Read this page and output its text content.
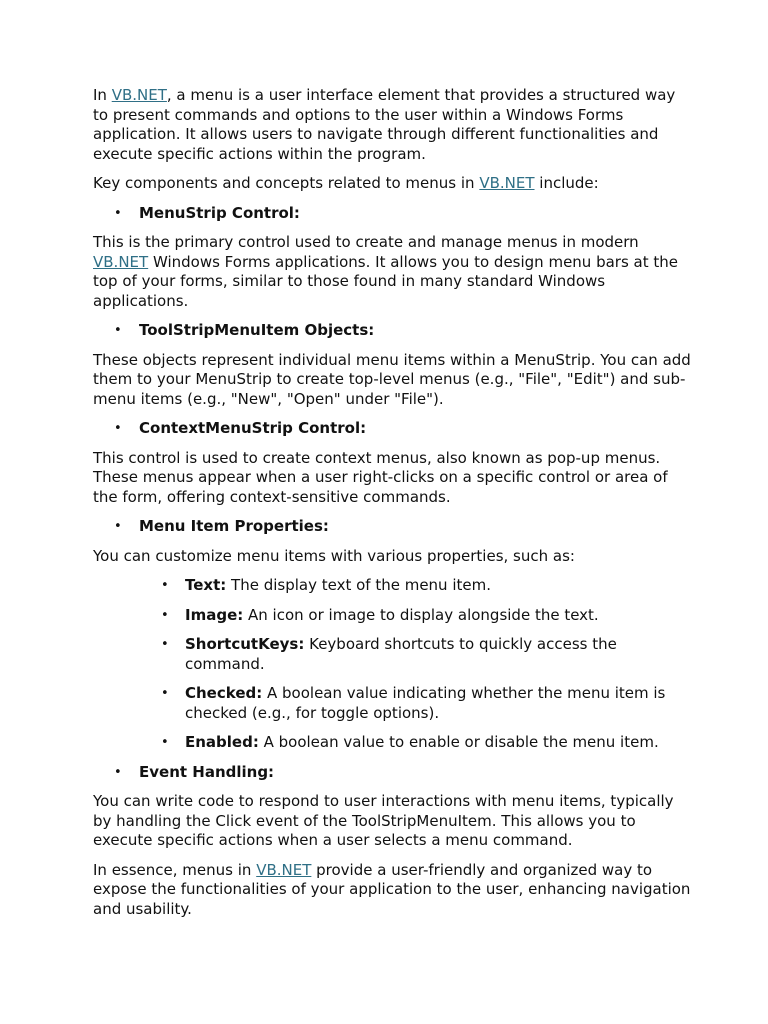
In VB.NET, a menu is a user interface element that provides a structured way to present commands and options to the user within a Windows Forms application. It allows users to navigate through different functionalities and execute specific actions within the program.

Key components and concepts related to menus in VB.NET include:

• MenuStrip Control:

This is the primary control used to create and manage menus in modern VB.NET Windows Forms applications. It allows you to design menu bars at the top of your forms, similar to those found in many standard Windows applications.

• ToolStripMenuItem Objects:

These objects represent individual menu items within a MenuStrip. You can add them to your MenuStrip to create top-level menus (e.g., "File", "Edit") and sub-menu items (e.g., "New", "Open" under "File").

• ContextMenuStrip Control:

This control is used to create context menus, also known as pop-up menus. These menus appear when a user right-clicks on a specific control or area of the form, offering context-sensitive commands.

• Menu Item Properties:

You can customize menu items with various properties, such as:

• Text: The display text of the menu item.
• Image: An icon or image to display alongside the text.
• ShortcutKeys: Keyboard shortcuts to quickly access the command.
• Checked: A boolean value indicating whether the menu item is checked (e.g., for toggle options).
• Enabled: A boolean value to enable or disable the menu item.
• Event Handling:

You can write code to respond to user interactions with menu items, typically by handling the Click event of the ToolStripMenuItem. This allows you to execute specific actions when a user selects a menu command.

In essence, menus in VB.NET provide a user-friendly and organized way to expose the functionalities of your application to the user, enhancing navigation and usability.
